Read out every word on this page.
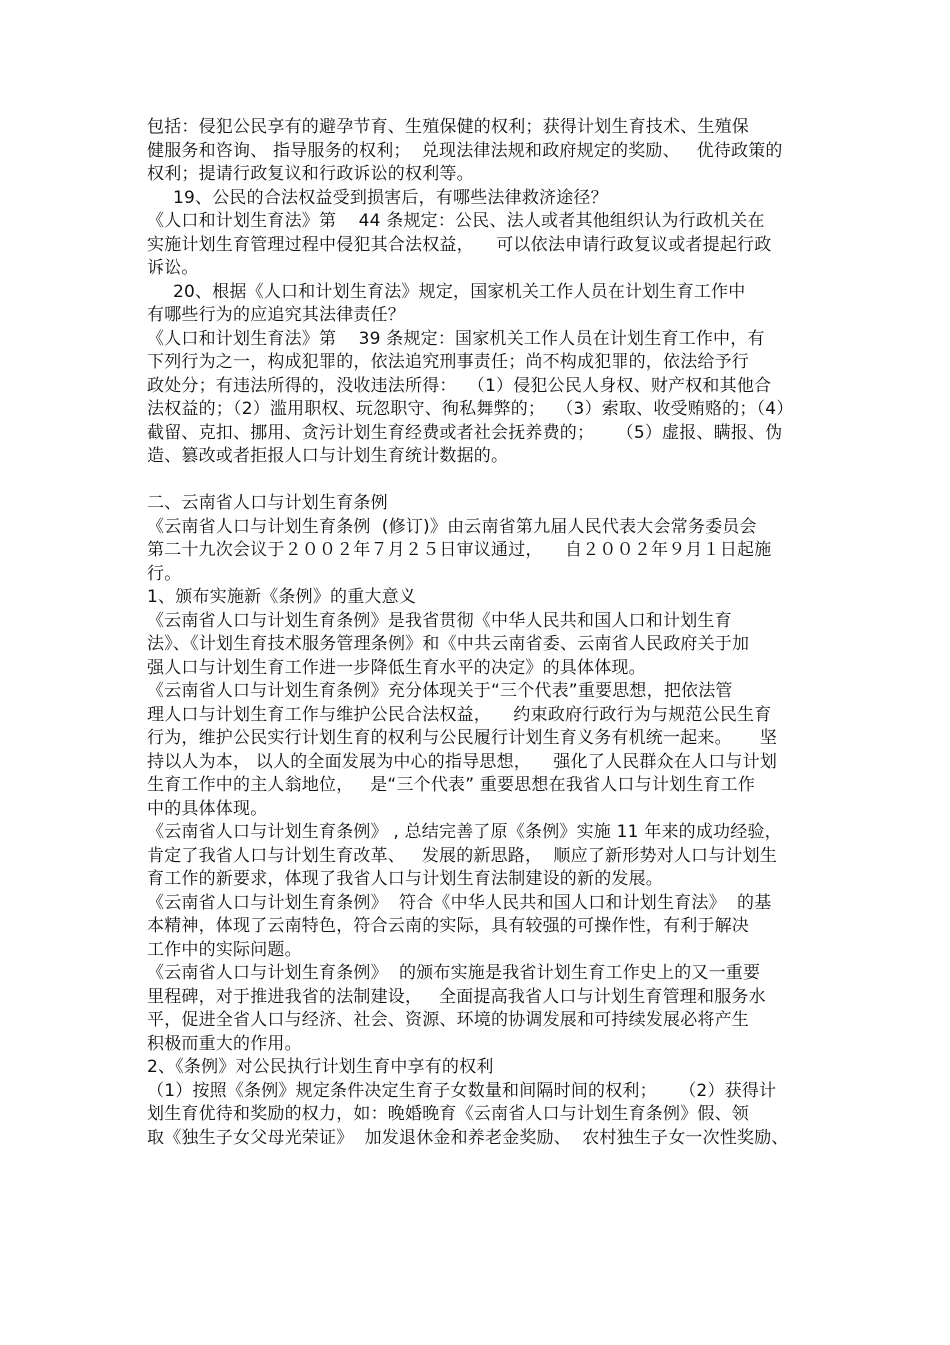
包括：侵犯公民享有的避孕节育、生殖保健的权利；获得计划生育技术、生殖保
健服务和咨询、 指导服务的权利；  兑现法律法规和政府规定的奖励、   优待政策的
权利；提请行政复议和行政诉讼的权利等。
19、公民的合法权益受到损害后，有哪些法律救济途径？
《人口和计划生育法》第    44 条规定：公民、法人或者其他组织认为行政机关在
实施计划生育管理过程中侵犯其合法权益，    可以依法申请行政复议或者提起行政
诉讼。
20、根据《人口和计划生育法》规定，国家机关工作人员在计划生育工作中
有哪些行为的应追究其法律责任？
《人口和计划生育法》第    39 条规定：国家机关工作人员在计划生育工作中，有
下列行为之一，构成犯罪的，依法追究刑事责任；尚不构成犯罪的，依法给予行
政处分；有违法所得的，没收违法所得：  （1）侵犯公民人身权、财产权和其他合
法权益的；（2）滥用职权、玩忽职守、徇私舞弊的；  （3）索取、收受贿赂的；（4）
截留、克扣、挪用、贪污计划生育经费或者社会抚养费的；    （5）虚报、瞒报、伪
造、篡改或者拒报人口与计划生育统计数据的。
二、云南省人口与计划生育条例
《云南省人口与计划生育条例  (修订)》由云南省第九届人民代表大会常务委员会
第二十九次会议于２００２年７月２５日审议通过，    自２００２年９月１日起施
行。
1、颁布实施新《条例》的重大意义
《云南省人口与计划生育条例》是我省贯彻《中华人民共和国人口和计划生育
法》、《计划生育技术服务管理条例》和《中共云南省委、云南省人民政府关于加
强人口与计划生育工作进一步降低生育水平的决定》的具体体现。
《云南省人口与计划生育条例》充分体现关于“三个代表”重要思想，把依法管
理人口与计划生育工作与维护公民合法权益，    约束政府行政行为与规范公民生育
行为，维护公民实行计划生育的权利与公民履行计划生育义务有机统一起来。     坚
持以人为本， 以人的全面发展为中心的指导思想，    强化了人民群众在人口与计划
生育工作中的主人翁地位，   是“三个代表” 重要思想在我省人口与计划生育工作
中的具体体现。
《云南省人口与计划生育条例》 , 总结完善了原《条例》实施 11 年来的成功经验，
肯定了我省人口与计划生育改革、   发展的新思路，  顺应了新形势对人口与计划生
育工作的新要求，体现了我省人口与计划生育法制建设的新的发展。
《云南省人口与计划生育条例》  符合《中华人民共和国人口和计划生育法》  的基
本精神，体现了云南特色，符合云南的实际，具有较强的可操作性，有利于解决
工作中的实际问题。
《云南省人口与计划生育条例》  的颁布实施是我省计划生育工作史上的又一重要
里程碑，对于推进我省的法制建设，   全面提高我省人口与计划生育管理和服务水
平，促进全省人口与经济、社会、资源、环境的协调发展和可持续发展必将产生
积极而重大的作用。
2、《条例》对公民执行计划生育中享有的权利
（1）按照《条例》规定条件决定生育子女数量和间隔时间的权利；    （2）获得计
划生育优待和奖励的权力，如：晚婚晚育《云南省人口与计划生育条例》假、领
取《独生子女父母光荣证》  加发退休金和养老金奖励、  农村独生子女一次性奖励、
